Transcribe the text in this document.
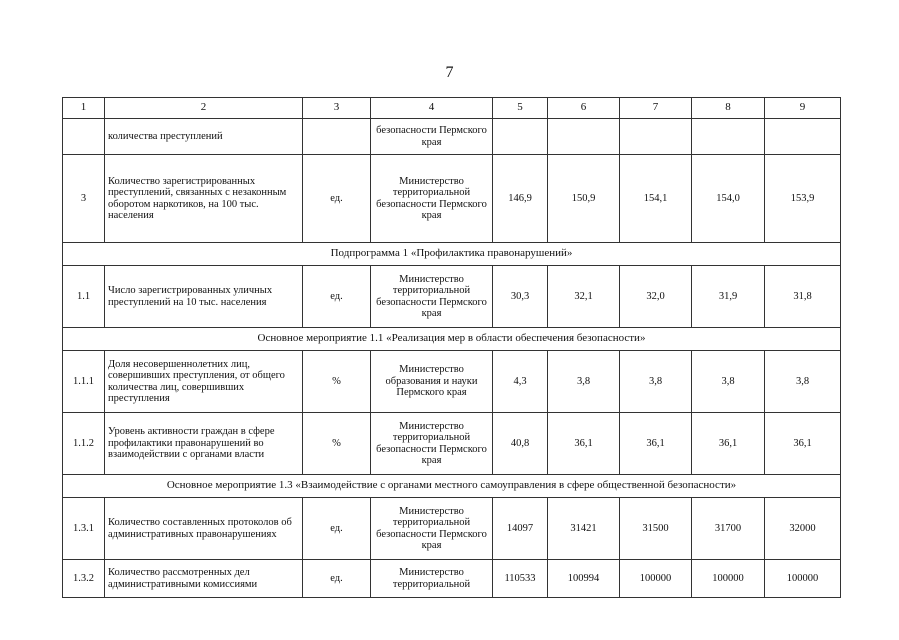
7
1	2	3	4	5	6	7	8	9
	количества преступлений		безопасности Пермского края					
3	Количество зарегистрированных преступлений, связанных с незаконным оборотом наркотиков, на 100 тыс. населения	ед.	Министерство территориальной безопасности Пермского края	146,9	150,9	154,1	154,0	153,9
Подпрограмма 1 «Профилактика правонарушений»								
1.1	Число зарегистрированных уличных преступлений на 10 тыс. населения	ед.	Министерство территориальной безопасности Пермского края	30,3	32,1	32,0	31,9	31,8
Основное мероприятие 1.1 «Реализация мер в области обеспечения безопасности»								
1.1.1	Доля несовершеннолетних лиц, совершивших преступления, от общего количества лиц, совершивших преступления	%	Министерство образования и науки Пермского края	4,3	3,8	3,8	3,8	3,8
1.1.2	Уровень активности граждан в сфере профилактики правонарушений во взаимодействии с органами власти	%	Министерство территориальной безопасности Пермского края	40,8	36,1	36,1	36,1	36,1
Основное мероприятие 1.3 «Взаимодействие с органами местного самоуправления в сфере общественной безопасности»								
1.3.1	Количество составленных протоколов об административных правонарушениях	ед.	Министерство территориальной безопасности Пермского края	14097	31421	31500	31700	32000
1.3.2	Количество рассмотренных дел административными комиссиями	ед.	Министерство территориальной	110533	100994	100000	100000	100000
